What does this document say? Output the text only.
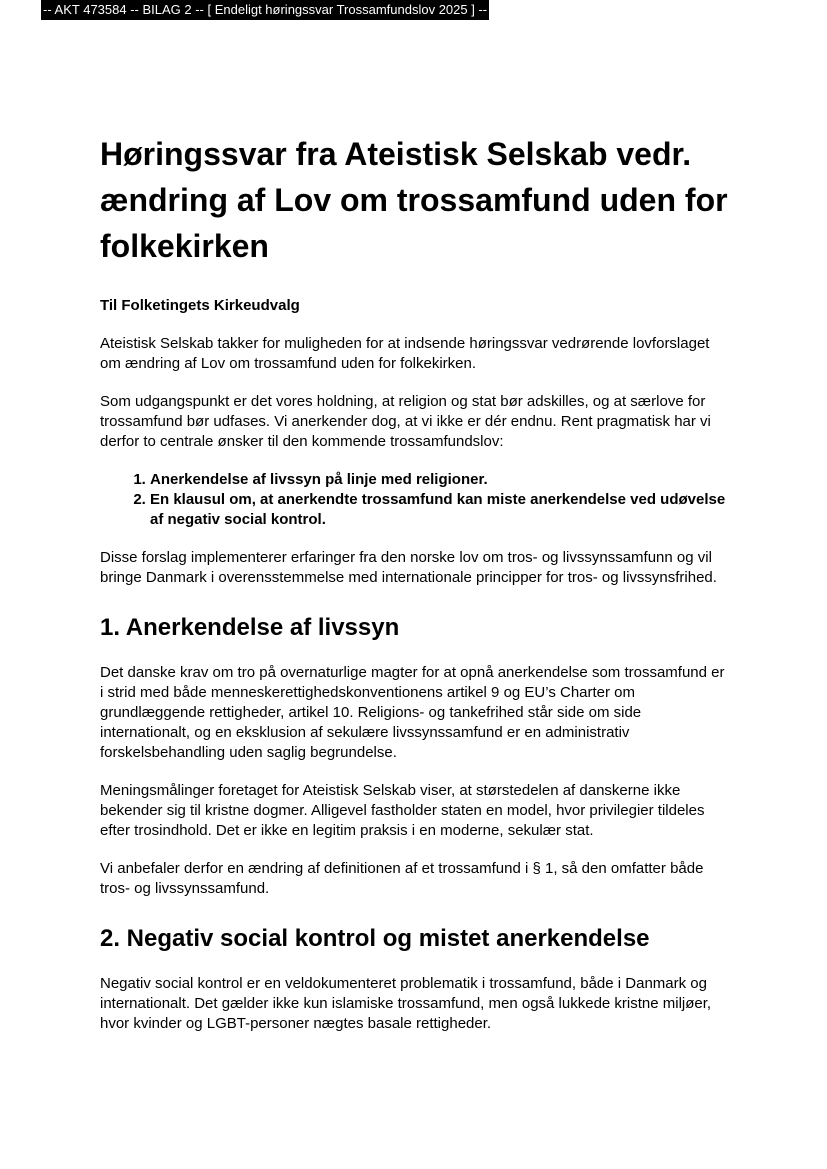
-- AKT 473584 -- BILAG 2 -- [ Endeligt høringssvar Trossamfundslov 2025 ] --
Høringssvar fra Ateistisk Selskab vedr. ændring af Lov om trossamfund uden for folkekirken

Til Folketingets Kirkeudvalg

Ateistisk Selskab takker for muligheden for at indsende høringssvar vedrørende lovforslaget om ændring af Lov om trossamfund uden for folkekirken.

Som udgangspunkt er det vores holdning, at religion og stat bør adskilles, og at særlove for trossamfund bør udfases. Vi anerkender dog, at vi ikke er dér endnu. Rent pragmatisk har vi derfor to centrale ønsker til den kommende trossamfundslov:

1. Anerkendelse af livssyn på linje med religioner.
2. En klausul om, at anerkendte trossamfund kan miste anerkendelse ved udøvelse af negativ social kontrol.

Disse forslag implementerer erfaringer fra den norske lov om tros- og livssynssamfunn og vil bringe Danmark i overensstemmelse med internationale principper for tros- og livssynsfrihed.

1. Anerkendelse af livssyn

Det danske krav om tro på overnaturlige magter for at opnå anerkendelse som trossamfund er i strid med både menneskerettighedskonventionens artikel 9 og EU’s Charter om grundlæggende rettigheder, artikel 10. Religions- og tankefrihed står side om side internationalt, og en eksklusion af sekulære livssynssamfund er en administrativ forskelsbehandling uden saglig begrundelse.

Meningsmålinger foretaget for Ateistisk Selskab viser, at størstedelen af danskerne ikke bekender sig til kristne dogmer. Alligevel fastholder staten en model, hvor privilegier tildeles efter trosindhold. Det er ikke en legitim praksis i en moderne, sekulær stat.

Vi anbefaler derfor en ændring af definitionen af et trossamfund i § 1, så den omfatter både tros- og livssynssamfund.

2. Negativ social kontrol og mistet anerkendelse

Negativ social kontrol er en veldokumenteret problematik i trossamfund, både i Danmark og internationalt. Det gælder ikke kun islamiske trossamfund, men også lukkede kristne miljøer, hvor kvinder og LGBT-personer nægtes basale rettigheder.
